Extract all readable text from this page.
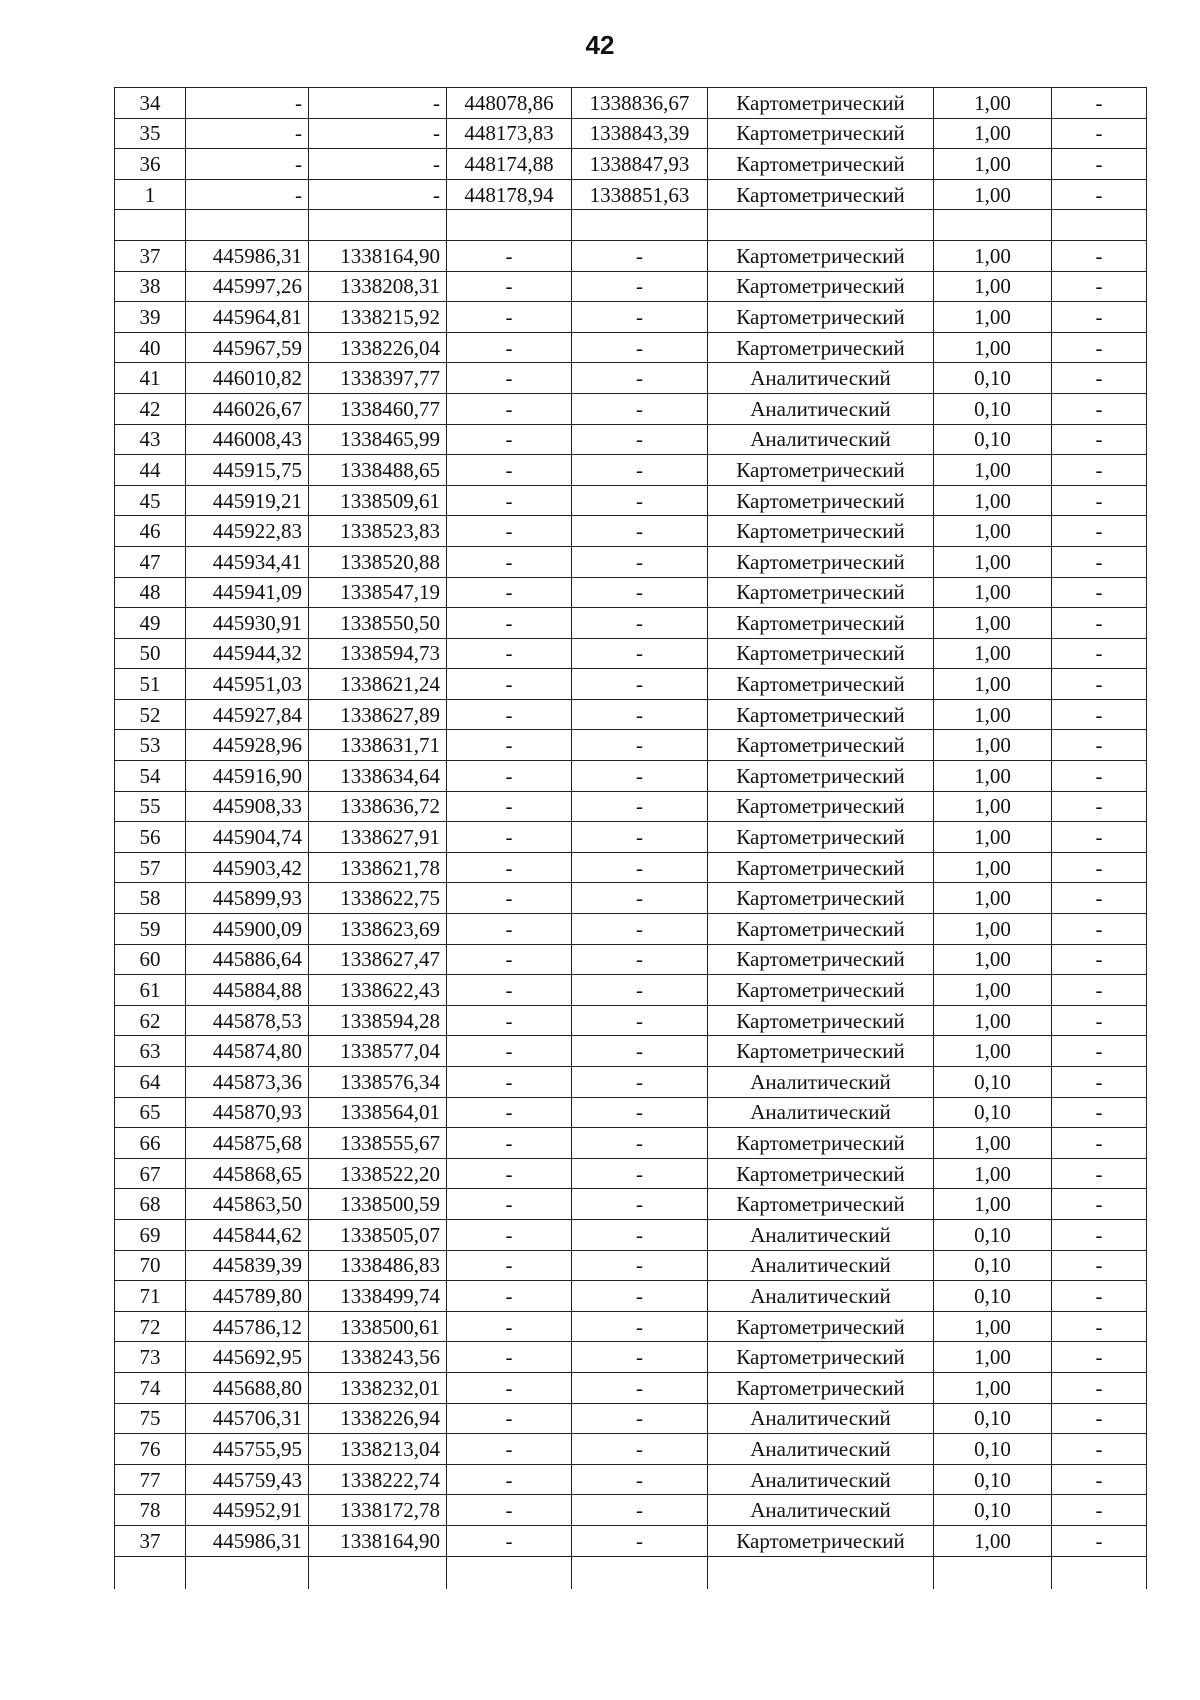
42
34	-	-	448078,86	1338836,67	Картометрический	1,00	-
35	-	-	448173,83	1338843,39	Картометрический	1,00	-
36	-	-	448174,88	1338847,93	Картометрический	1,00	-
1	-	-	448178,94	1338851,63	Картометрический	1,00	-

37	445986,31	1338164,90	-	-	Картометрический	1,00	-
38	445997,26	1338208,31	-	-	Картометрический	1,00	-
39	445964,81	1338215,92	-	-	Картометрический	1,00	-
40	445967,59	1338226,04	-	-	Картометрический	1,00	-
41	446010,82	1338397,77	-	-	Аналитический	0,10	-
42	446026,67	1338460,77	-	-	Аналитический	0,10	-
43	446008,43	1338465,99	-	-	Аналитический	0,10	-
44	445915,75	1338488,65	-	-	Картометрический	1,00	-
45	445919,21	1338509,61	-	-	Картометрический	1,00	-
46	445922,83	1338523,83	-	-	Картометрический	1,00	-
47	445934,41	1338520,88	-	-	Картометрический	1,00	-
48	445941,09	1338547,19	-	-	Картометрический	1,00	-
49	445930,91	1338550,50	-	-	Картометрический	1,00	-
50	445944,32	1338594,73	-	-	Картометрический	1,00	-
51	445951,03	1338621,24	-	-	Картометрический	1,00	-
52	445927,84	1338627,89	-	-	Картометрический	1,00	-
53	445928,96	1338631,71	-	-	Картометрический	1,00	-
54	445916,90	1338634,64	-	-	Картометрический	1,00	-
55	445908,33	1338636,72	-	-	Картометрический	1,00	-
56	445904,74	1338627,91	-	-	Картометрический	1,00	-
57	445903,42	1338621,78	-	-	Картометрический	1,00	-
58	445899,93	1338622,75	-	-	Картометрический	1,00	-
59	445900,09	1338623,69	-	-	Картометрический	1,00	-
60	445886,64	1338627,47	-	-	Картометрический	1,00	-
61	445884,88	1338622,43	-	-	Картометрический	1,00	-
62	445878,53	1338594,28	-	-	Картометрический	1,00	-
63	445874,80	1338577,04	-	-	Картометрический	1,00	-
64	445873,36	1338576,34	-	-	Аналитический	0,10	-
65	445870,93	1338564,01	-	-	Аналитический	0,10	-
66	445875,68	1338555,67	-	-	Картометрический	1,00	-
67	445868,65	1338522,20	-	-	Картометрический	1,00	-
68	445863,50	1338500,59	-	-	Картометрический	1,00	-
69	445844,62	1338505,07	-	-	Аналитический	0,10	-
70	445839,39	1338486,83	-	-	Аналитический	0,10	-
71	445789,80	1338499,74	-	-	Аналитический	0,10	-
72	445786,12	1338500,61	-	-	Картометрический	1,00	-
73	445692,95	1338243,56	-	-	Картометрический	1,00	-
74	445688,80	1338232,01	-	-	Картометрический	1,00	-
75	445706,31	1338226,94	-	-	Аналитический	0,10	-
76	445755,95	1338213,04	-	-	Аналитический	0,10	-
77	445759,43	1338222,74	-	-	Аналитический	0,10	-
78	445952,91	1338172,78	-	-	Аналитический	0,10	-
37	445986,31	1338164,90	-	-	Картометрический	1,00	-
